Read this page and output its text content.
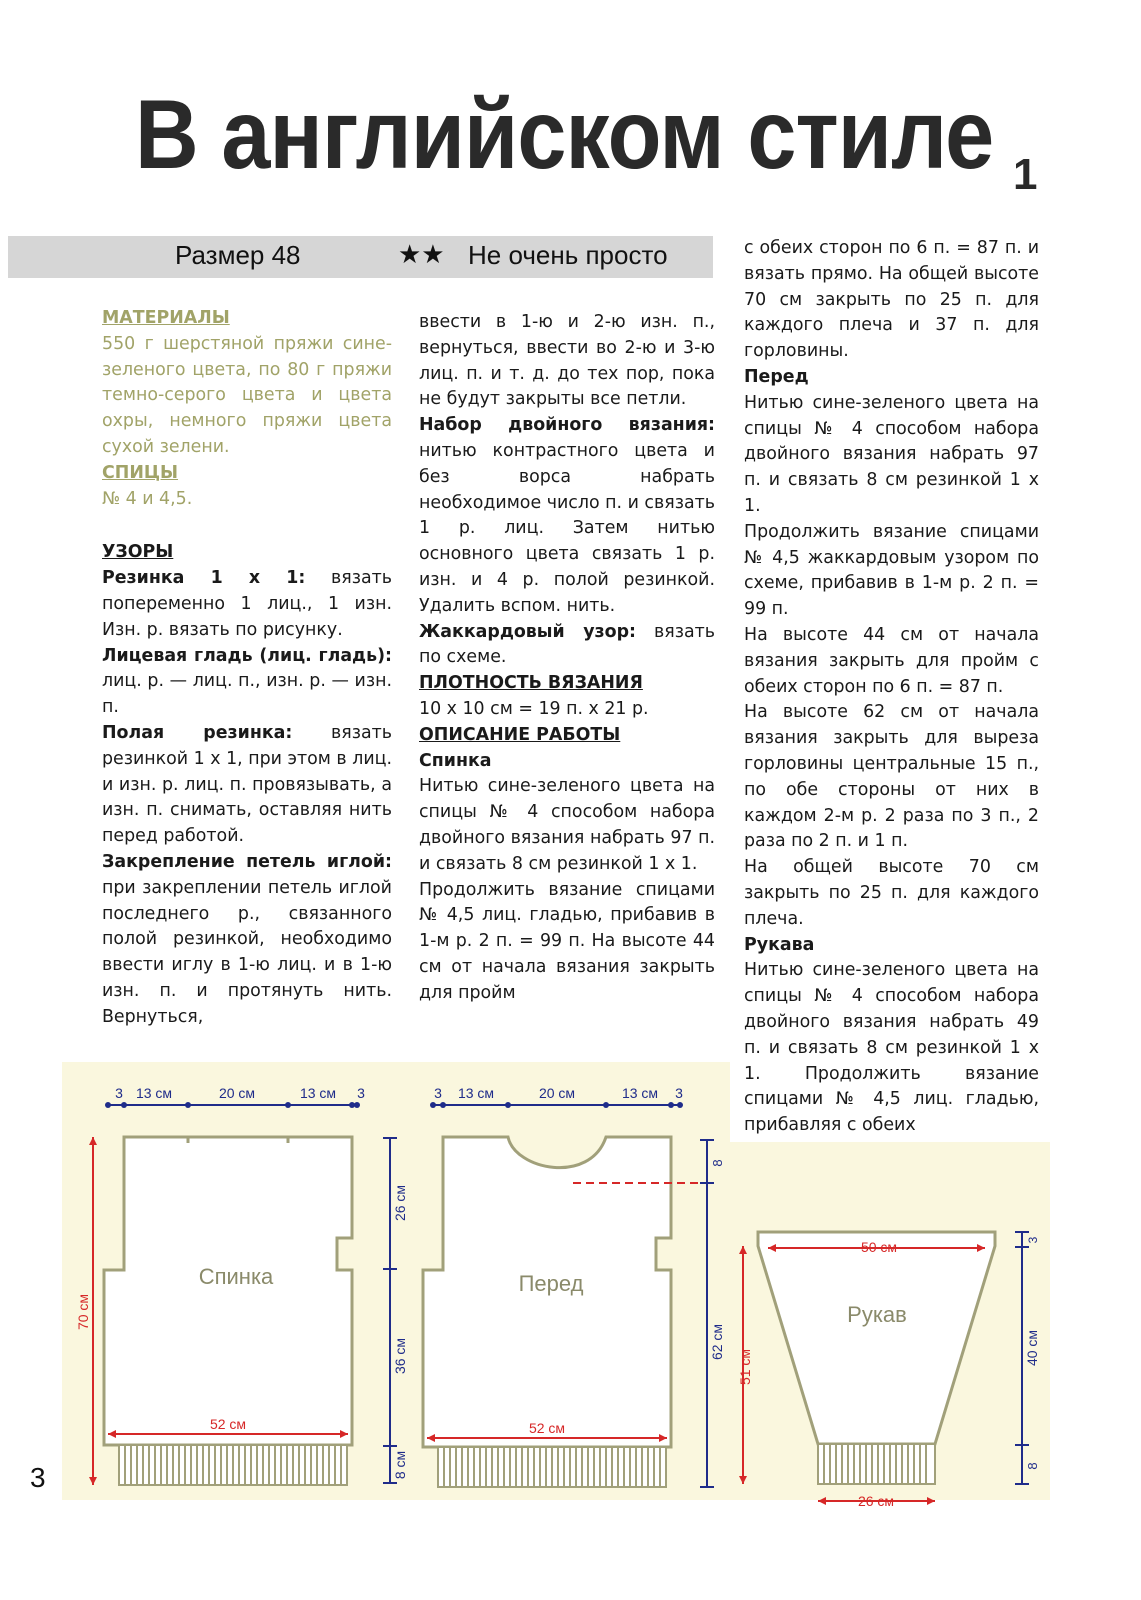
В английском стиле 1
Размер 48	★★ Не очень просто

МАТЕРИАЛЫ

550 г шерстяной пряжи сине-зеленого цвета, по 80 г пряжи темно-серого цвета и цвета охры, немного пряжи цвета сухой зелени.

СПИЦЫ

№ 4 и 4,5.

УЗОРЫ

Резинка 1 х 1: вязать попеременно 1 лиц., 1 изн. Изн. р. вязать по рисунку.

Лицевая гладь (лиц. гладь): лиц. р. — лиц. п., изн. р. — изн. п.

Полая резинка: вязать резинкой 1 х 1, при этом в лиц. и изн. р. лиц. п. провязывать, а изн. п. снимать, оставляя нить перед работой.

Закрепление петель иглой: при закреплении петель иглой последнего р., связанного полой резинкой, необходимо ввести иглу в 1-ю лиц. и в 1-ю изн. п. и протянуть нить. Вернуться,

ввести в 1-ю и 2-ю изн. п., вернуться, ввести во 2-ю и 3-ю лиц. п. и т. д. до тех пор, пока не будут закрыты все петли.

Набор двойного вязания: нитью контрастного цвета и без ворса набрать необходимое число п. и связать 1 р. лиц. Затем нитью основного цвета связать 1 р. изн. и 4 р. полой резинкой. Удалить вспом. нить.

Жаккардовый узор: вязать по схеме.

ПЛОТНОСТЬ ВЯЗАНИЯ

10 х 10 см = 19 п. х 21 р.

ОПИСАНИЕ РАБОТЫ

Спинка

Нитью сине-зеленого цвета на спицы № 4 способом набора двойного вязания набрать 97 п. и связать 8 см резинкой 1 х 1.

Продолжить вязание спицами № 4,5 лиц. гладью, прибавив в 1-м р. 2 п. = 99 п. На высоте 44 см от начала вязания закрыть для пройм

с обеих сторон по 6 п. = 87 п. и вязать прямо. На общей высоте 70 см закрыть по 25 п. для каждого плеча и 37 п. для горловины.

Перед

Нитью сине-зеленого цвета на спицы № 4 способом набора двойного вязания набрать 97 п. и связать 8 см резинкой 1 х 1.

Продолжить вязание спицами № 4,5 жаккардовым узором по схеме, прибавив в 1-м р. 2 п. = 99 п.

На высоте 44 см от начала вязания закрыть для пройм с обеих сторон по 6 п. = 87 п.

На высоте 62 см от начала вязания закрыть для выреза горловины центральные 15 п., по обе стороны от них в каждом 2-м р. 2 раза по 3 п., 2 раза по 2 п. и 1 п.

На общей высоте 70 см закрыть по 25 п. для каждого плеча.

Рукава

Нитью сине-зеленого цвета на спицы № 4 способом набора двойного вязания набрать 49 п. и связать 8 см резинкой 1 х 1. Продолжить вязание спицами № 4,5 лиц. гладью, прибавляя с обеих

Спинка
3 13 см	20 см	13 см 3
52 см
70 см
26 см
36 см
8 см
Перед
3 13 см	20 см	13 см 3
52 см
8
62 см
Рукав
50 см
26 см
51 см
3
40 см
8
3
